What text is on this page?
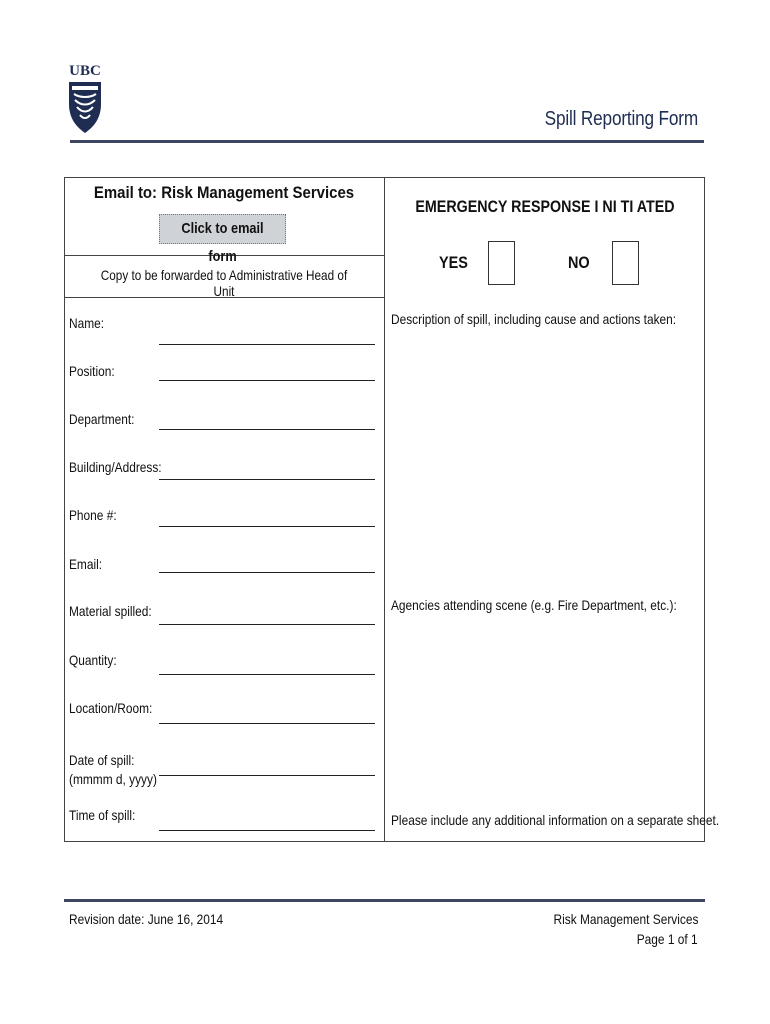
UBC
Spill Reporting Form
Email to: Risk Management Services
Click to email form
Copy to be forwarded to Administrative Head of Unit
EMERGENCY RESPONSE I NI TI ATED
YES	NO
Name:
Position:
Department:
Building/Address:
Phone #:
Email:
Material spilled:
Quantity:
Location/Room:
Date of spill:
(mmmm d, yyyy)
Time of spill:
Description of spill, including cause and actions taken:
Agencies attending scene (e.g. Fire Department, etc.):
Please include any additional information on a separate sheet.
Revision date: June 16, 2014	Risk Management Services
Page 1 of 1
